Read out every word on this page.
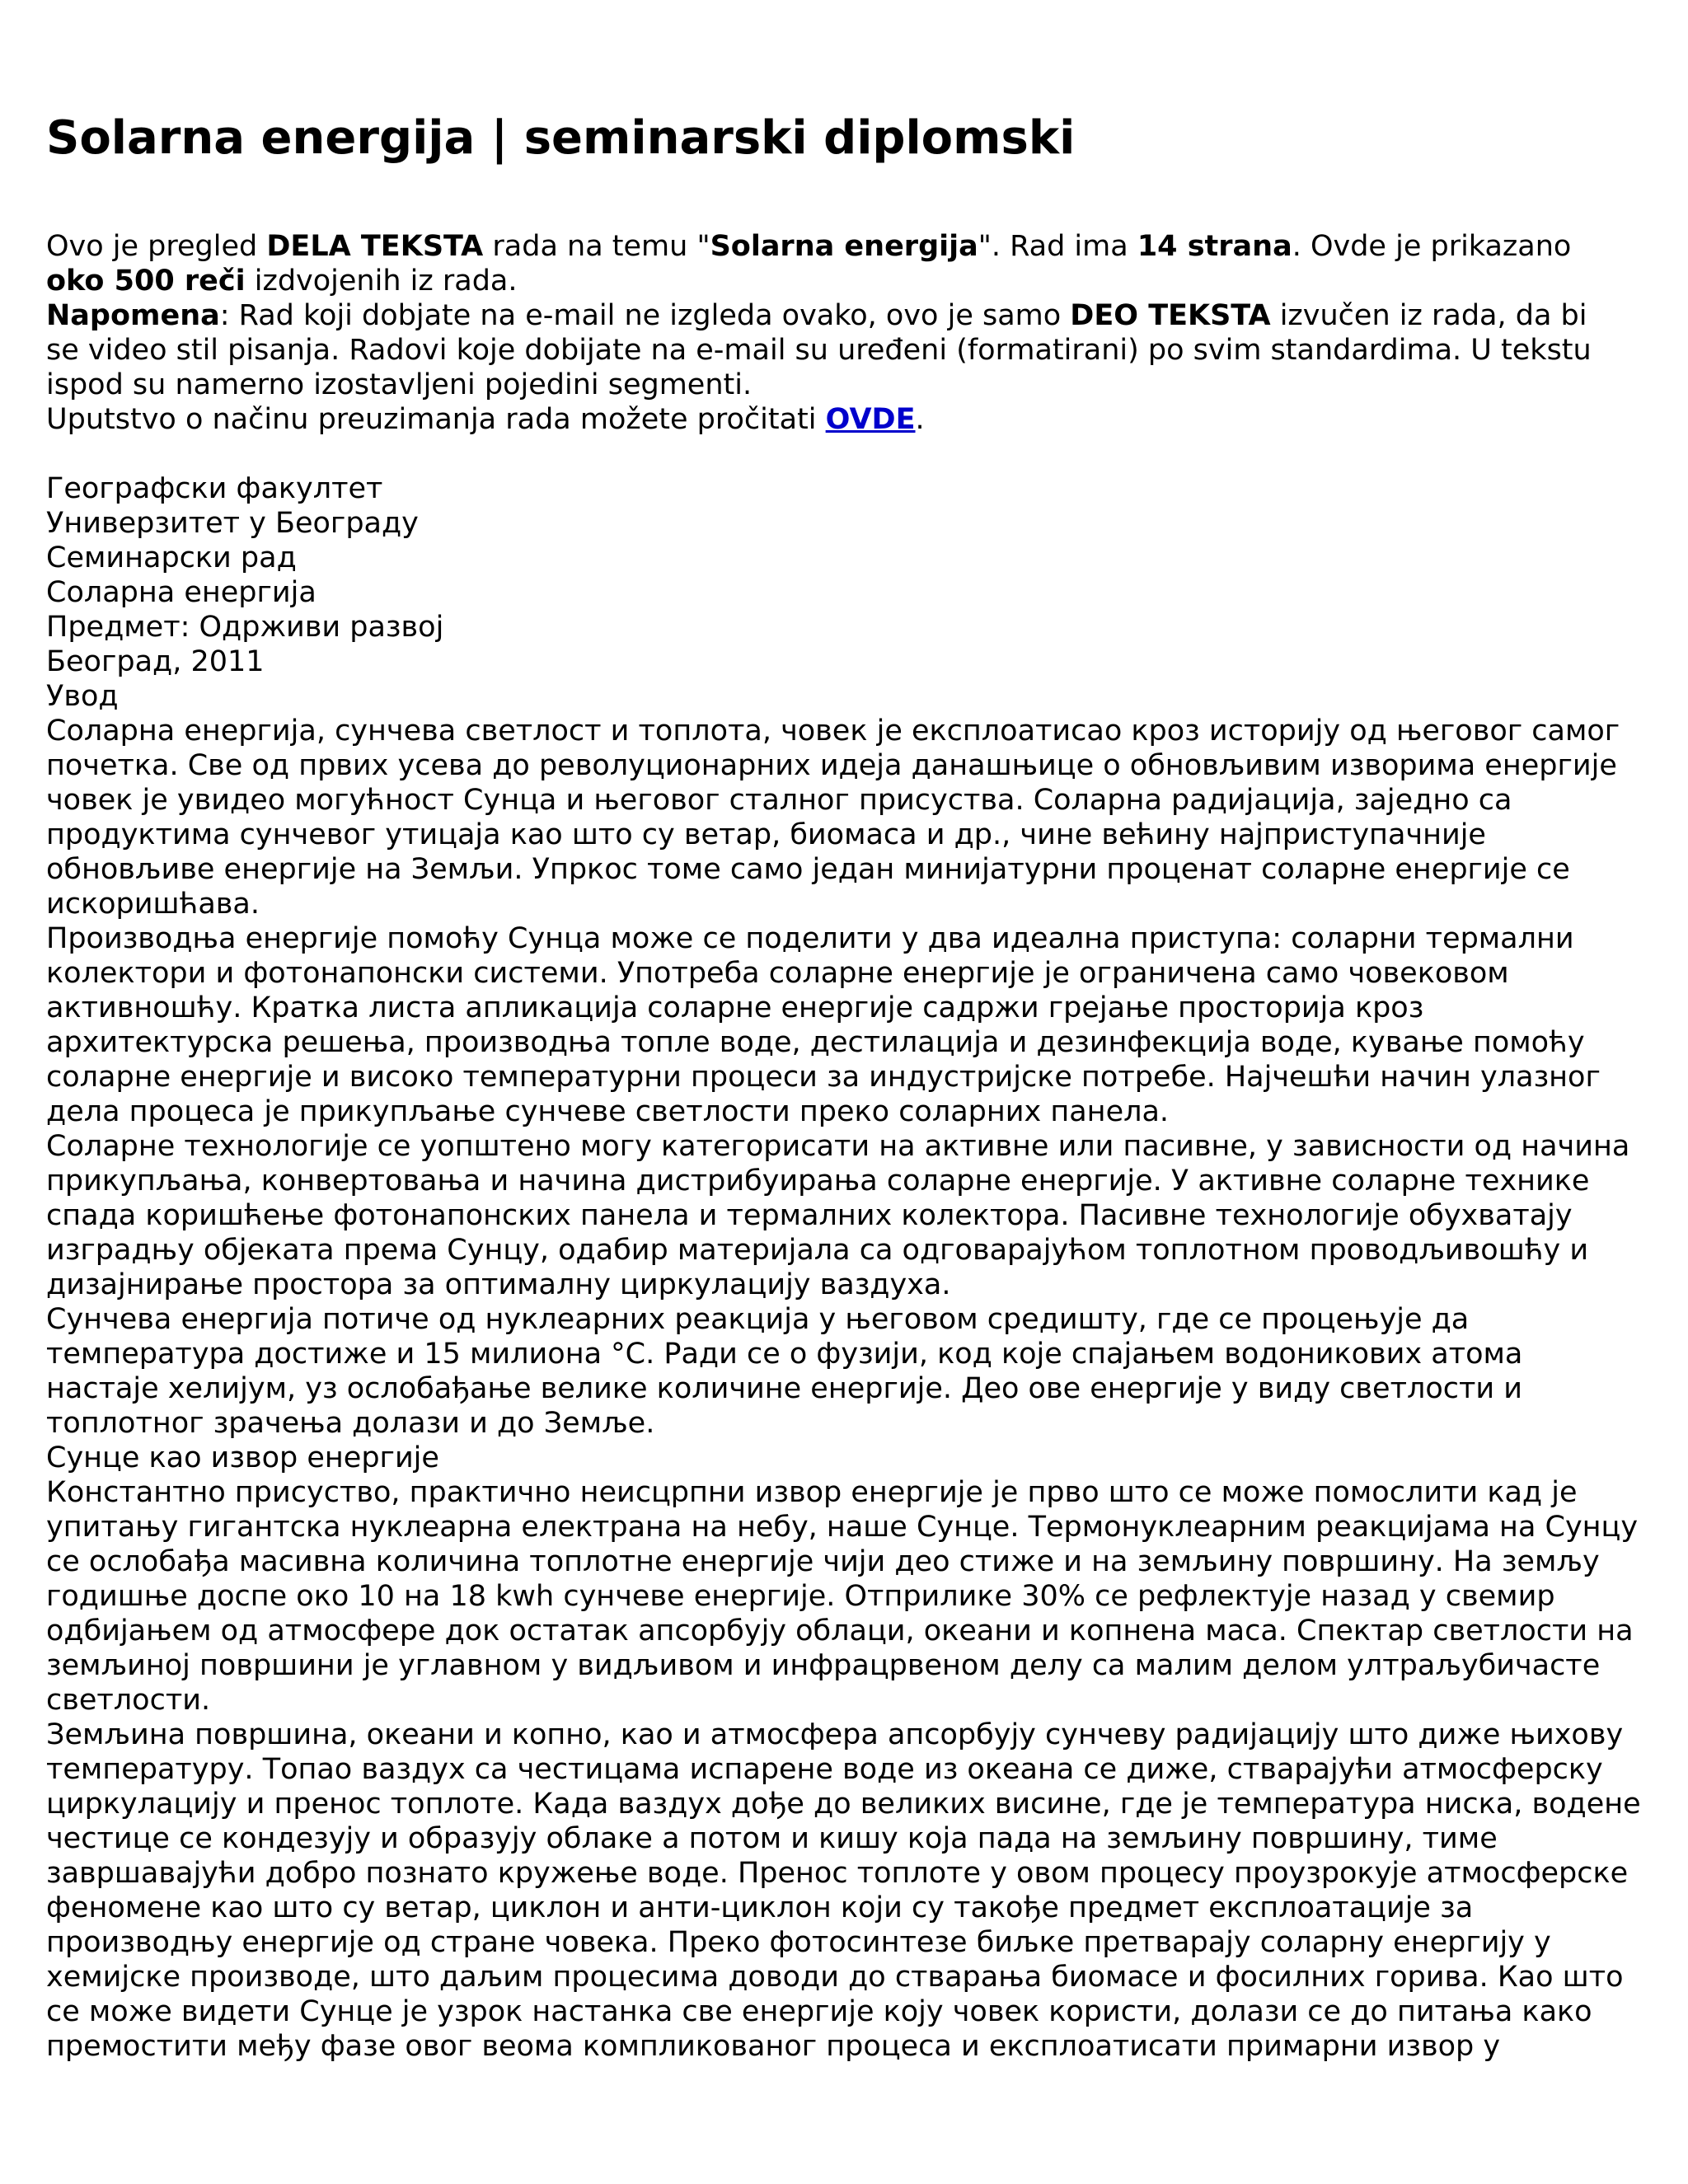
Solarna energija | seminarski diplomski
Ovo je pregled DELA TEKSTA rada na temu "Solarna energija". Rad ima 14 strana. Ovde je prikazano
oko 500 reči izdvojenih iz rada.
Napomena: Rad koji dobjate na e-mail ne izgleda ovako, ovo je samo DEO TEKSTA izvučen iz rada, da bi
se video stil pisanja. Radovi koje dobijate na e-mail su uređeni (formatirani) po svim standardima. U tekstu
ispod su namerno izostavljeni pojedini segmenti.
Uputstvo o načinu preuzimanja rada možete pročitati OVDE.
Географски факултет
Универзитет у Београду
Семинарски рад
Соларна енергија
Предмет: Одрживи развој
Београд, 2011
Увод
Соларна енергија, сунчева светлост и топлота, човек је експлоатисао кроз историју од његовог самог
почетка. Све од првих усева до револуционарних идеја данашњице о обновљивим изворима енергије
човек је увидео могућност Сунца и његовог сталног присуства. Соларна радијација, заједно са
продуктима сунчевог утицаја као што су ветар, биомаса и др., чине већину најприступачније
обновљиве енергије на Земљи. Упркос томе само један минијатурни проценат соларне енергије се
искоришћава.
Производња енергије помоћу Сунца може се поделити у два идеална приступа: соларни термални
колектори и фотонапонски системи. Употреба соларне енергије је ограничена само човековом
активношћу. Кратка листа апликација соларне енергије садржи грејање просторија кроз
архитектурска решења, производња топле воде, дестилација и дезинфекција воде, кување помоћу
соларне енергије и високо температурни процеси за индустријске потребе. Најчешћи начин улазног
дела процеса је прикупљање сунчеве светлости преко соларних панела.
Соларне технологије се уопштено могу категорисати на активне или пасивне, у зависности од начина
прикупљања, конвертовања и начина дистрибуирања соларне енергије. У активне соларне технике
спада коришћење фотонапонских панела и термалних колектора. Пасивне технологије обухватају
изградњу објеката према Сунцу, одабир материјала са одговарајућом топлотном проводљивошћу и
дизајнирање простора за оптималну циркулацију ваздуха.
Сунчева енергија потиче од нуклеарних реакција у његовом средишту, где се процењује да
температура достиже и 15 милиона °C. Ради се о фузији, код које спајањем водоникових атома
настаје хелијум, уз ослобађање велике количине енергије. Део ове енергије у виду светлости и
топлотног зрачења долази и до Земље.
Сунце као извор енергије
Константно присуство, практично неисцрпни извор енергије је прво што се може помослити кад је
упитању гигантска нуклеарна електрана на небу, наше Сунце. Термонуклеарним реакцијама на Сунцу
се ослобађа масивна количина топлотне енергије чији део стиже и на земљину површину. На земљу
годишње доспе око 10 на 18 kwh сунчеве енергије. Отприлике 30% се рефлектује назад у свемир
одбијањем од атмосфере док остатак апсорбују облаци, океани и копнена маса. Спектар светлости на
земљиној површини је углавном у видљивом и инфрацрвеном делу са малим делом ултраљубичасте
светлости.
Земљина површина, океани и копно, као и атмосфера апсорбују сунчеву радијацију што диже њихову
температуру. Топао ваздух са честицама испарене воде из океана се диже, стварајући атмосферску
циркулацију и пренос топлоте. Када ваздух дође до великих висине, где је температура ниска, водене
честице се кондезују и образују облаке а потом и кишу која пада на земљину површину, тиме
завршавајући добро познато кружење воде. Пренос топлоте у овом процесу проузрокује атмосферске
феномене као што су ветар, циклон и анти-циклон који су такође предмет експлоатације за
производњу енергије од стране човека. Преко фотосинтезе биљке претварају соларну енергију у
хемијске производе, што даљим процесима доводи до стварања биомасе и фосилних горива. Као што
се може видети Сунце је узрок настанка све енергије коју човек користи, долази се до питања како
премостити међу фазе овог веома компликованог процеса и експлоатисати примарни извор у
